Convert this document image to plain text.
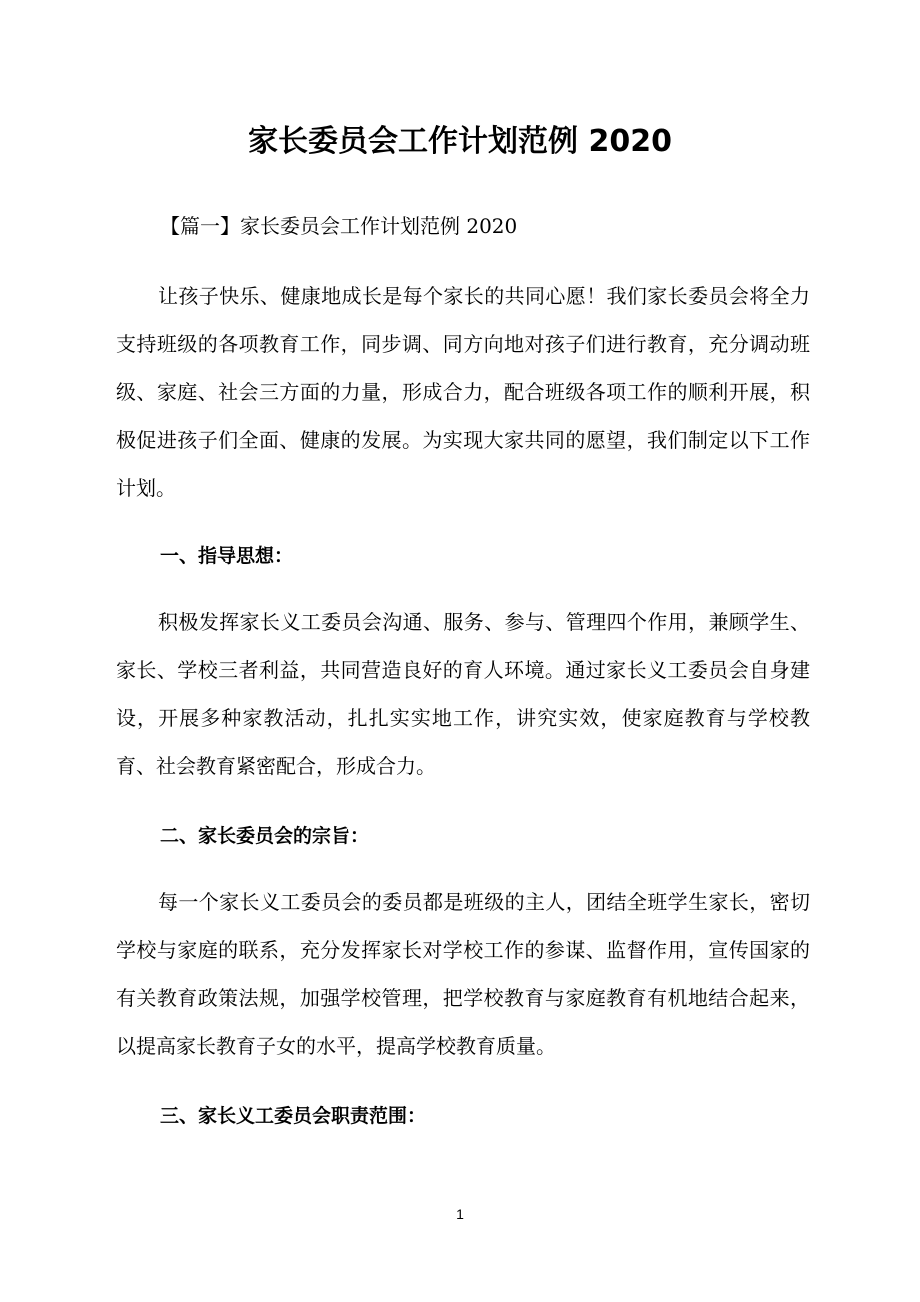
家长委员会工作计划范例 2020

【篇一】家长委员会工作计划范例 2020

让孩子快乐、健康地成长是每个家长的共同心愿！我们家长委员会将全力支持班级的各项教育工作，同步调、同方向地对孩子们进行教育，充分调动班级、家庭、社会三方面的力量，形成合力，配合班级各项工作的顺利开展，积极促进孩子们全面、健康的发展。为实现大家共同的愿望，我们制定以下工作计划。

一、指导思想：

积极发挥家长义工委员会沟通、服务、参与、管理四个作用，兼顾学生、家长、学校三者利益，共同营造良好的育人环境。通过家长义工委员会自身建设，开展多种家教活动，扎扎实实地工作，讲究实效，使家庭教育与学校教育、社会教育紧密配合，形成合力。

二、家长委员会的宗旨：

每一个家长义工委员会的委员都是班级的主人，团结全班学生家长，密切学校与家庭的联系，充分发挥家长对学校工作的参谋、监督作用，宣传国家的有关教育政策法规，加强学校管理，把学校教育与家庭教育有机地结合起来，以提高家长教育子女的水平，提高学校教育质量。

三、家长义工委员会职责范围：

1
